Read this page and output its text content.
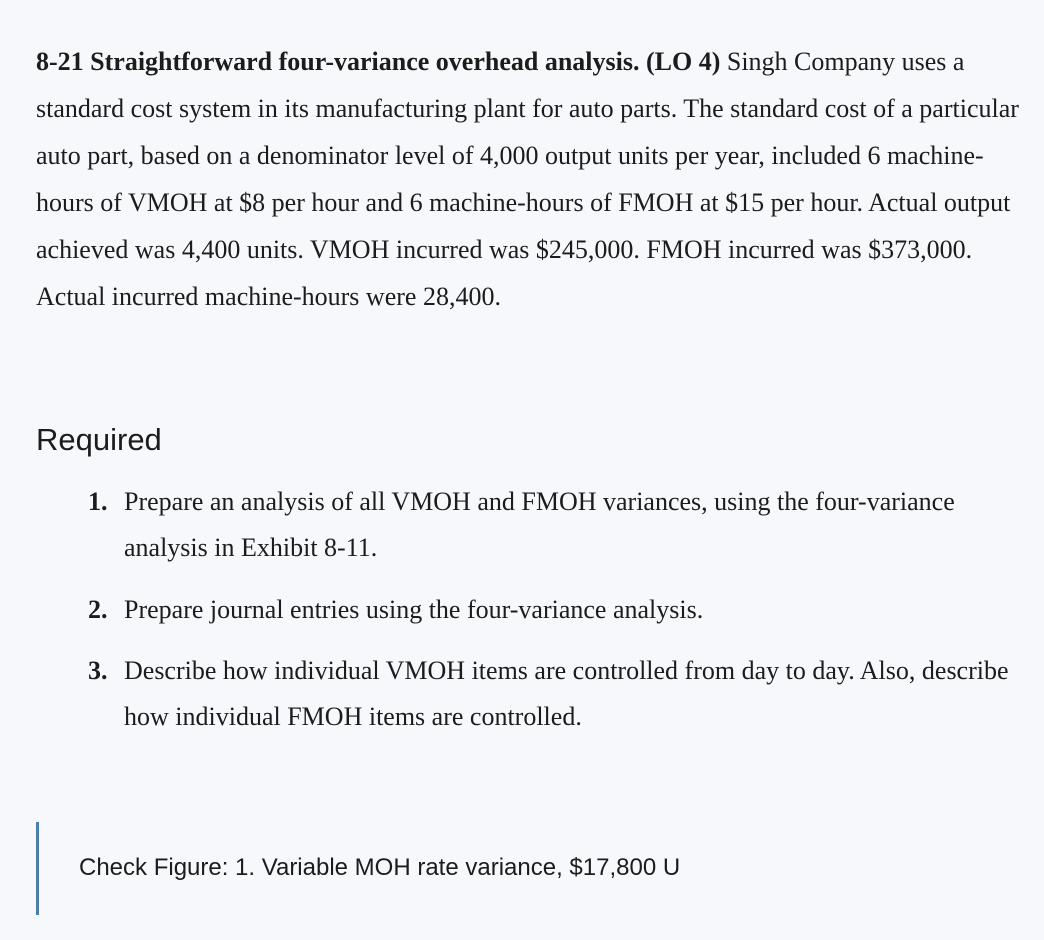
8-21 Straightforward four-variance overhead analysis. (LO 4) Singh Company uses a standard cost system in its manufacturing plant for auto parts. The standard cost of a particular auto part, based on a denominator level of 4,000 output units per year, included 6 machine-hours of VMOH at $8 per hour and 6 machine-hours of FMOH at $15 per hour. Actual output achieved was 4,400 units. VMOH incurred was $245,000. FMOH incurred was $373,000. Actual incurred machine-hours were 28,400.

Required
1. Prepare an analysis of all VMOH and FMOH variances, using the four-variance analysis in Exhibit 8-11.
2. Prepare journal entries using the four-variance analysis.
3. Describe how individual VMOH items are controlled from day to day. Also, describe how individual FMOH items are controlled.

Check Figure: 1. Variable MOH rate variance, $17,800 U
